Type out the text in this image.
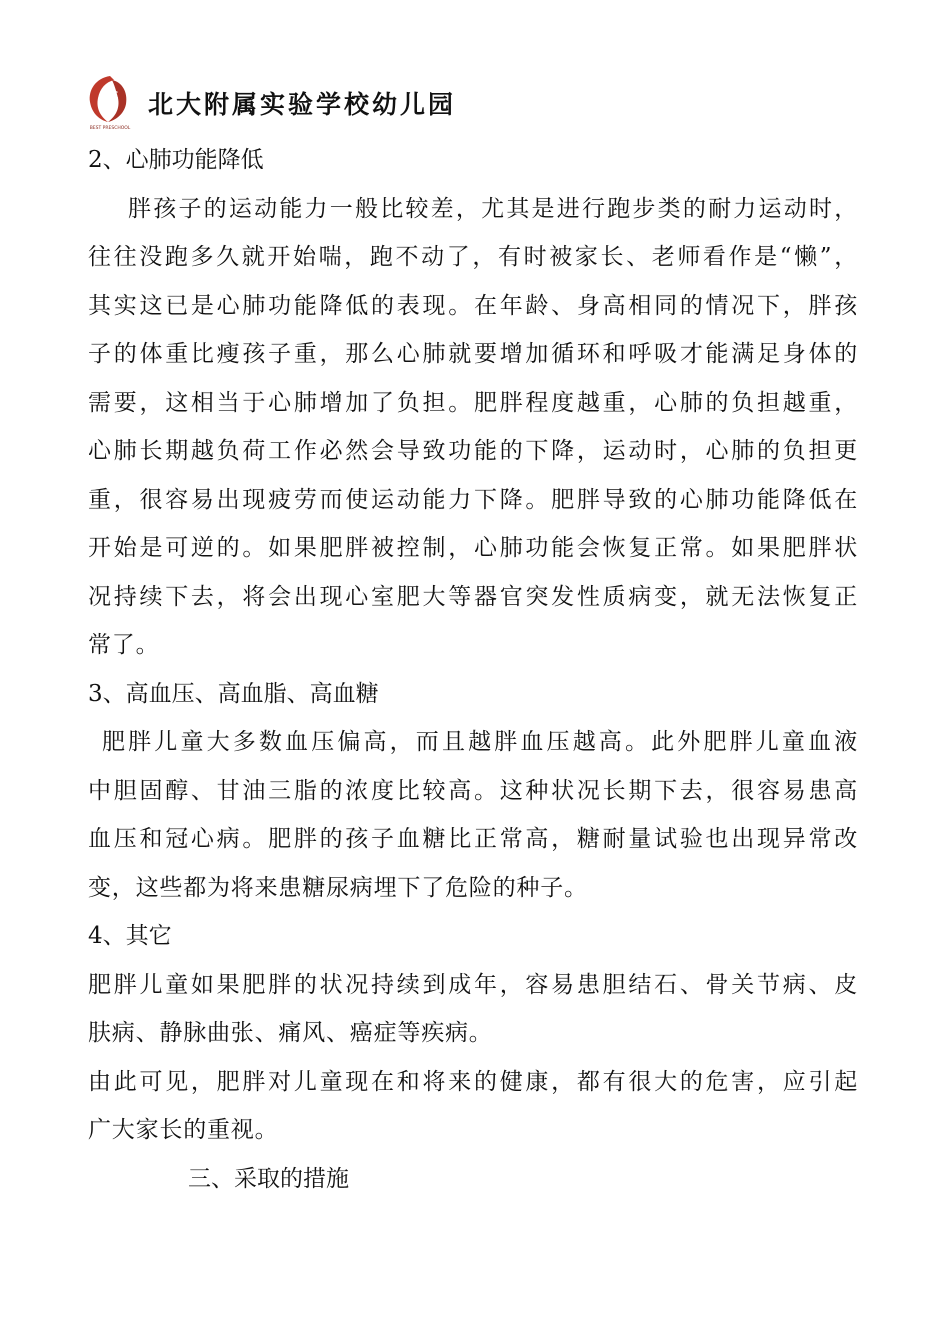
北大
附实
BEST PRESCHOOL
北大附属实验学校幼儿园
2、心肺功能降低
胖孩子的运动能力一般比较差，尤其是进行跑步类的耐力运动时，
往往没跑多久就开始喘，跑不动了，有时被家长、老师看作是“懒”，
其实这已是心肺功能降低的表现。在年龄、身高相同的情况下，胖孩
子的体重比瘦孩子重，那么心肺就要增加循环和呼吸才能满足身体的
需要，这相当于心肺增加了负担。肥胖程度越重，心肺的负担越重，
心肺长期越负荷工作必然会导致功能的下降，运动时，心肺的负担更
重，很容易出现疲劳而使运动能力下降。肥胖导致的心肺功能降低在
开始是可逆的。如果肥胖被控制，心肺功能会恢复正常。如果肥胖状
况持续下去，将会出现心室肥大等器官突发性质病变，就无法恢复正
常了。
3、高血压、高血脂、高血糖
肥胖儿童大多数血压偏高，而且越胖血压越高。此外肥胖儿童血液
中胆固醇、甘油三脂的浓度比较高。这种状况长期下去，很容易患高
血压和冠心病。肥胖的孩子血糖比正常高，糖耐量试验也出现异常改
变，这些都为将来患糖尿病埋下了危险的种子。
4、其它
肥胖儿童如果肥胖的状况持续到成年，容易患胆结石、骨关节病、皮
肤病、静脉曲张、痛风、癌症等疾病。
由此可见，肥胖对儿童现在和将来的健康，都有很大的危害，应引起
广大家长的重视。
三、采取的措施
